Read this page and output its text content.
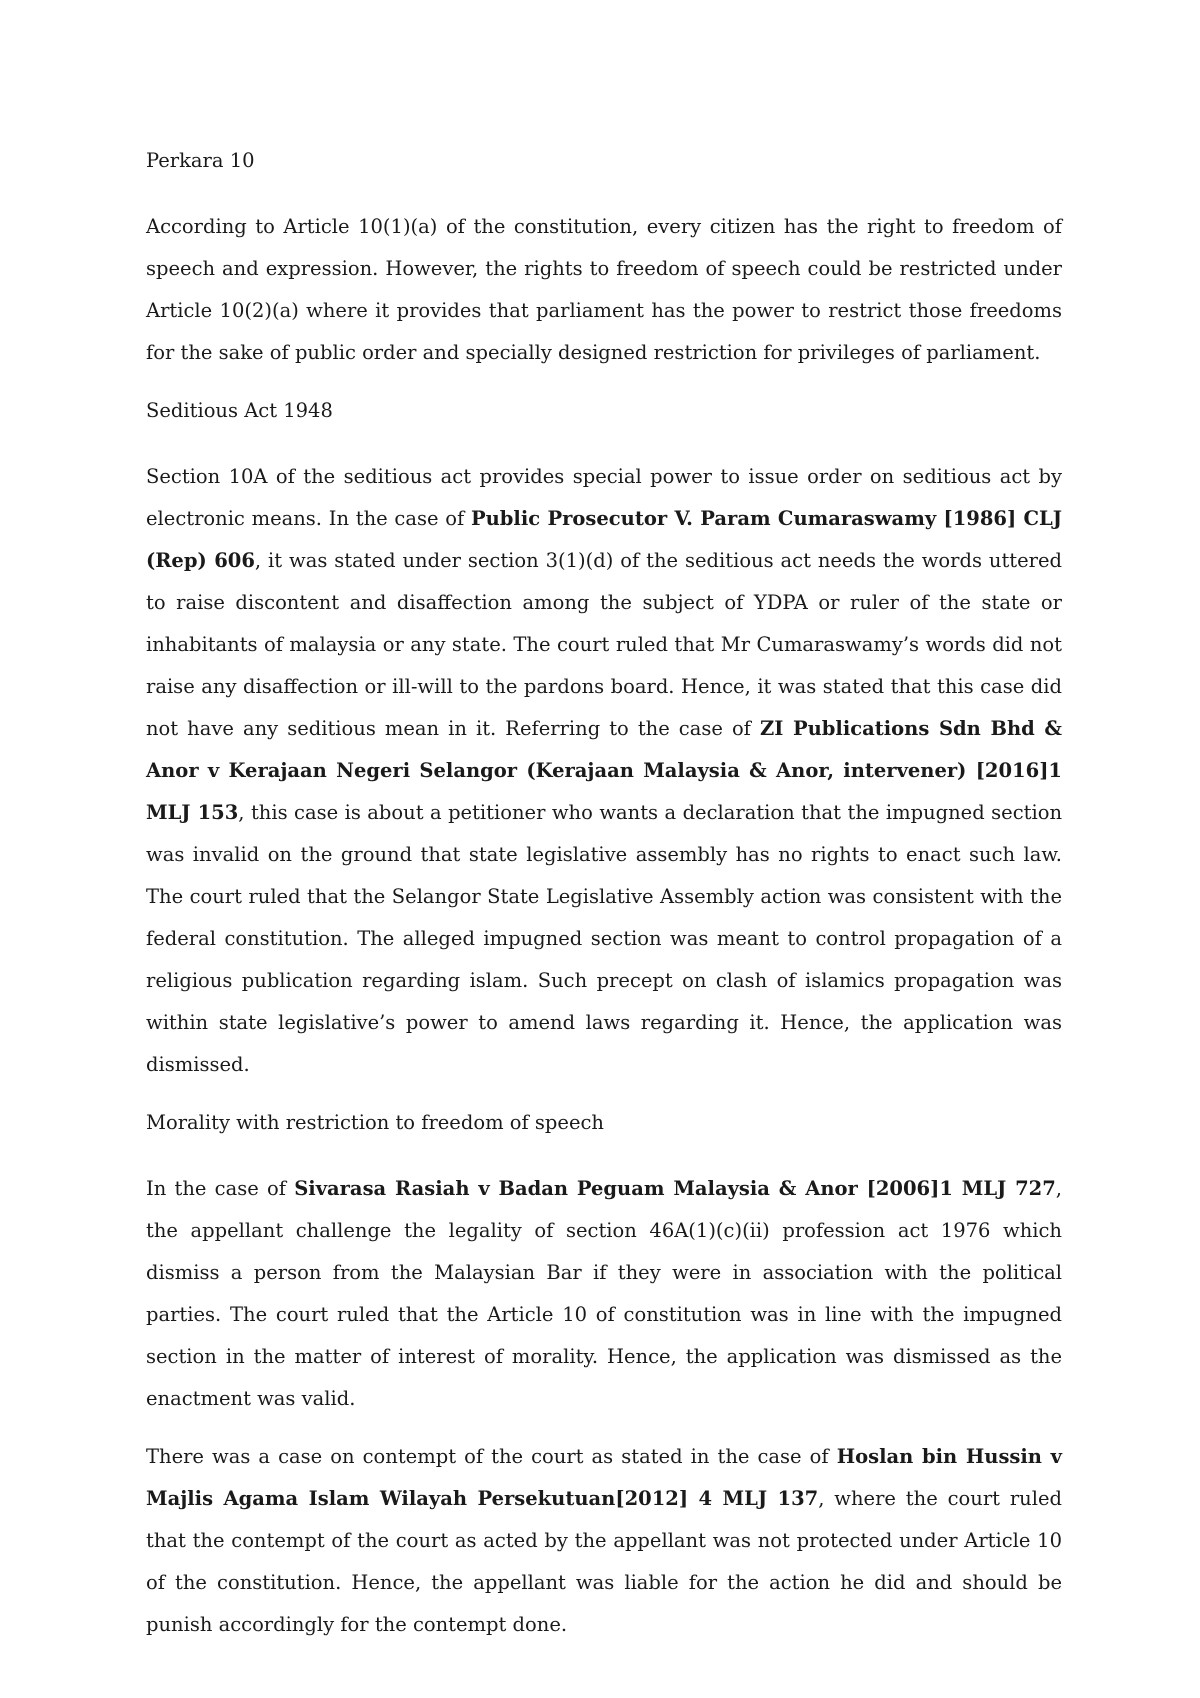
Perkara 10

According to Article 10(1)(a) of the constitution, every citizen has the right to freedom of speech and expression. However, the rights to freedom of speech could be restricted under Article 10(2)(a) where it provides that parliament has the power to restrict those freedoms for the sake of public order and specially designed restriction for privileges of parliament.

Seditious Act 1948

Section 10A of the seditious act provides special power to issue order on seditious act by electronic means. In the case of Public Prosecutor V. Param Cumaraswamy [1986] CLJ (Rep) 606, it was stated under section 3(1)(d) of the seditious act needs the words uttered to raise discontent and disaffection among the subject of YDPA or ruler of the state or inhabitants of malaysia or any state. The court ruled that Mr Cumaraswamy’s words did not raise any disaffection or ill-will to the pardons board. Hence, it was stated that this case did not have any seditious mean in it. Referring to the case of ZI Publications Sdn Bhd & Anor v Kerajaan Negeri Selangor (Kerajaan Malaysia & Anor, intervener) [2016]1 MLJ 153, this case is about a petitioner who wants a declaration that the impugned section was invalid on the ground that state legislative assembly has no rights to enact such law. The court ruled that the Selangor State Legislative Assembly action was consistent with the federal constitution. The alleged impugned section was meant to control propagation of a religious publication regarding islam. Such precept on clash of islamics propagation was within state legislative’s power to amend laws regarding it. Hence, the application was dismissed.

Morality with restriction to freedom of speech

In the case of Sivarasa Rasiah v Badan Peguam Malaysia & Anor [2006]1 MLJ 727, the appellant challenge the legality of section 46A(1)(c)(ii) profession act 1976 which dismiss a person from the Malaysian Bar if they were in association with the political parties. The court ruled that the Article 10 of constitution was in line with the impugned section in the matter of interest of morality. Hence, the application was dismissed as the enactment was valid.

There was a case on contempt of the court as stated in the case of Hoslan bin Hussin v Majlis Agama Islam Wilayah Persekutuan[2012] 4 MLJ 137, where the court ruled that the contempt of the court as acted by the appellant was not protected under Article 10 of the constitution. Hence, the appellant was liable for the action he did and should be punish accordingly for the contempt done.
